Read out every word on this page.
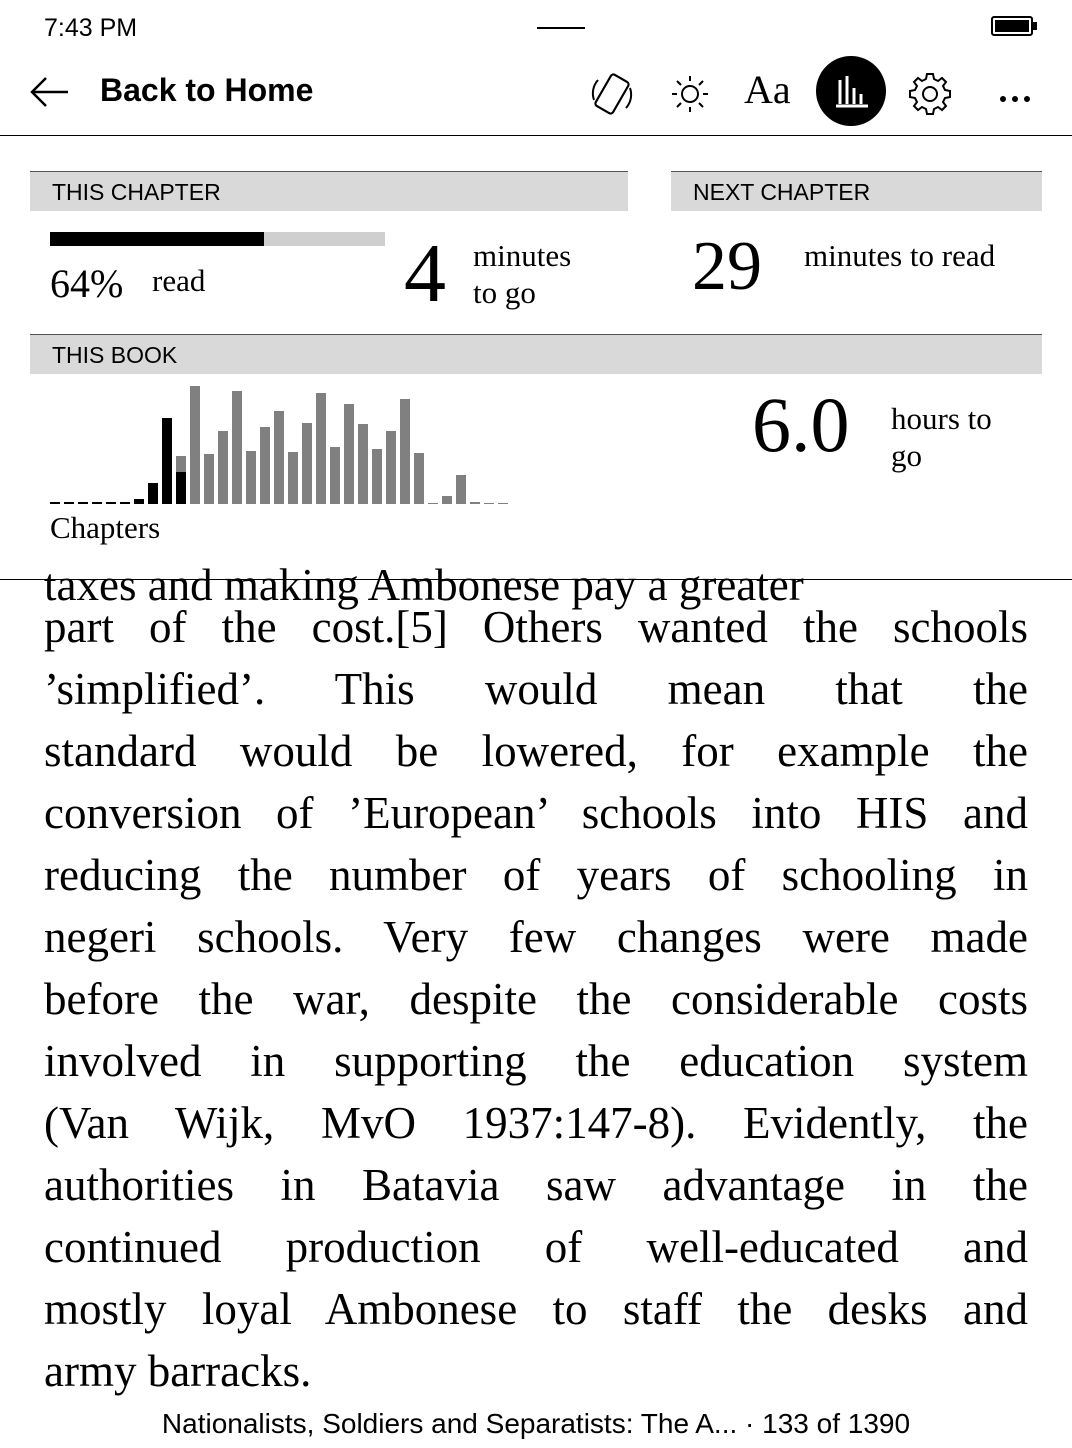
7:43 PM
Back to Home	Aa
THIS CHAPTER
64% read 4 minutes
to go
NEXT CHAPTER
29 minutes to read
THIS BOOK
Chapters
6.0 hours to
go
taxes and making Ambonese pay a greater
part of the cost.[5] Others wanted the schools
’simplified’. This would mean that the
standard would be lowered, for example the
conversion of ’European’ schools into HIS and
reducing the number of years of schooling in
negeri schools. Very few changes were made
before the war, despite the considerable costs
involved in supporting the education system
(Van Wijk, MvO 1937:147-8). Evidently, the
authorities in Batavia saw advantage in the
continued production of well-educated and
mostly loyal Ambonese to staff the desks and
army barracks.
Nationalists, Soldiers and Separatists: The A... · 133 of 1390
